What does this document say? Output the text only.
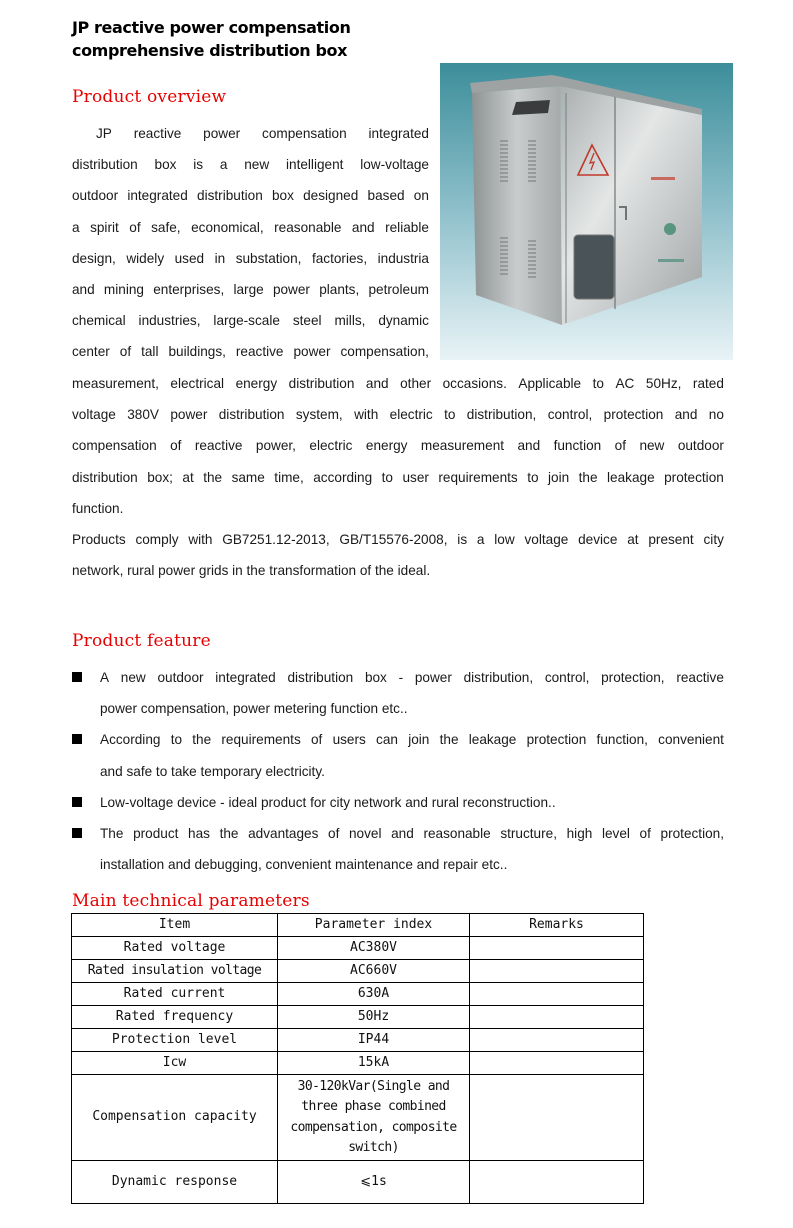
JP reactive power compensation
comprehensive distribution box
Product overview
JP reactive power compensation integrated
distribution box is a new intelligent low-voltage
outdoor integrated distribution box designed based on
a spirit of safe, economical, reasonable and reliable
design, widely used in substation, factories, industria
and mining enterprises, large power plants, petroleum
chemical industries, large-scale steel mills, dynamic
center of tall buildings, reactive power compensation,
measurement, electrical energy distribution and other occasions. Applicable to AC 50Hz, rated
voltage 380V power distribution system, with electric to distribution, control, protection and no
compensation of reactive power, electric energy measurement and function of new outdoor
distribution box; at the same time, according to user requirements to join the leakage protection
function.
Products comply with GB7251.12-2013, GB/T15576-2008, is a low voltage device at present city
network, rural power grids in the transformation of the ideal.
Product feature
A new outdoor integrated distribution box - power distribution, control, protection, reactive
power compensation, power metering function etc..
According to the requirements of users can join the leakage protection function, convenient
and safe to take temporary electricity.
Low-voltage device - ideal product for city network and rural reconstruction..
The product has the advantages of novel and reasonable structure, high level of protection,
installation and debugging, convenient maintenance and repair etc..
Main technical parameters
Item	Parameter index	Remarks
Rated voltage	AC380V	
Rated insulation voltage	AC660V	
Rated current	630A	
Rated frequency	50Hz	
Protection level	IP44	
Icw	15kA	
Compensation capacity	30-120kVar(Single and
three phase combined
compensation, composite
switch)	
Dynamic response	⩽1s	
